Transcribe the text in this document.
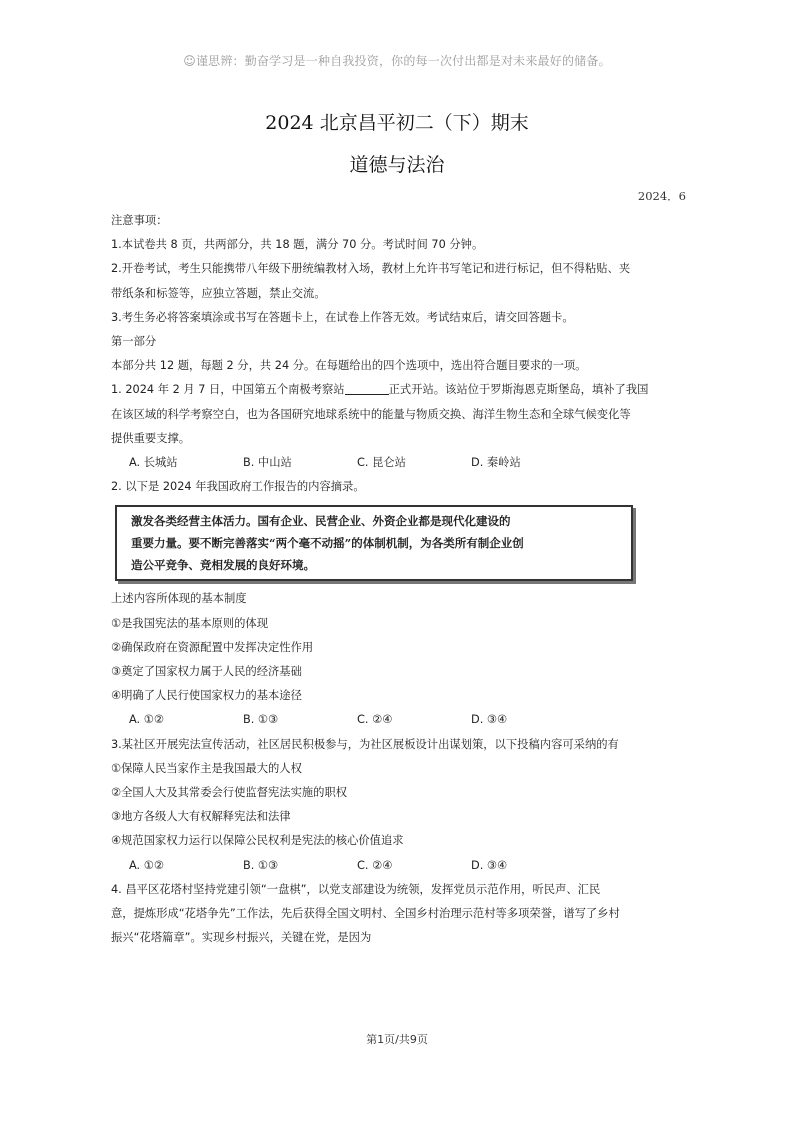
☺谨思辨：勤奋学习是一种自我投资，你的每一次付出都是对未来最好的储备。
2024 北京昌平初二（下）期末
道德与法治
2024．6
注意事项：
1.本试卷共 8 页，共两部分，共 18 题，满分 70 分。考试时间 70 分钟。
2.开卷考试，考生只能携带八年级下册统编教材入场，教材上允许书写笔记和进行标记，但不得粘贴、夹
带纸条和标签等，应独立答题，禁止交流。
3.考生务必将答案填涂或书写在答题卡上，在试卷上作答无效。考试结束后，请交回答题卡。
第一部分
本部分共 12 题，每题 2 分，共 24 分。在每题给出的四个选项中，选出符合题目要求的一项。
1. 2024 年 2 月 7 日，中国第五个南极考察站	正式开站。该站位于罗斯海恩克斯堡岛，填补了我国
在该区域的科学考察空白，也为各国研究地球系统中的能量与物质交换、海洋生物生态和全球气候变化等
提供重要支撑。
A. 长城站	B. 中山站	C. 昆仑站	D. 秦岭站
2. 以下是 2024 年我国政府工作报告的内容摘录。
激发各类经营主体活力。国有企业、民营企业、外资企业都是现代化建设的
重要力量。要不断完善落实“两个毫不动摇”的体制机制，为各类所有制企业创
造公平竞争、竞相发展的良好环境。
上述内容所体现的基本制度
①是我国宪法的基本原则的体现
②确保政府在资源配置中发挥决定性作用
③奠定了国家权力属于人民的经济基础
④明确了人民行使国家权力的基本途径
A. ①②	B. ①③	C. ②④	D. ③④
3.某社区开展宪法宣传活动，社区居民积极参与，为社区展板设计出谋划策，以下投稿内容可采纳的有
①保障人民当家作主是我国最大的人权
②全国人大及其常委会行使监督宪法实施的职权
③地方各级人大有权解释宪法和法律
④规范国家权力运行以保障公民权利是宪法的核心价值追求
A. ①②	B. ①③	C. ②④	D. ③④
4. 昌平区花塔村坚持党建引领“一盘棋”，以党支部建设为统领，发挥党员示范作用，听民声、汇民
意，提炼形成“花塔争先”工作法，先后获得全国文明村、全国乡村治理示范村等多项荣誉，谱写了乡村
振兴“花塔篇章”。实现乡村振兴，关键在党，是因为
第1页/共9页
